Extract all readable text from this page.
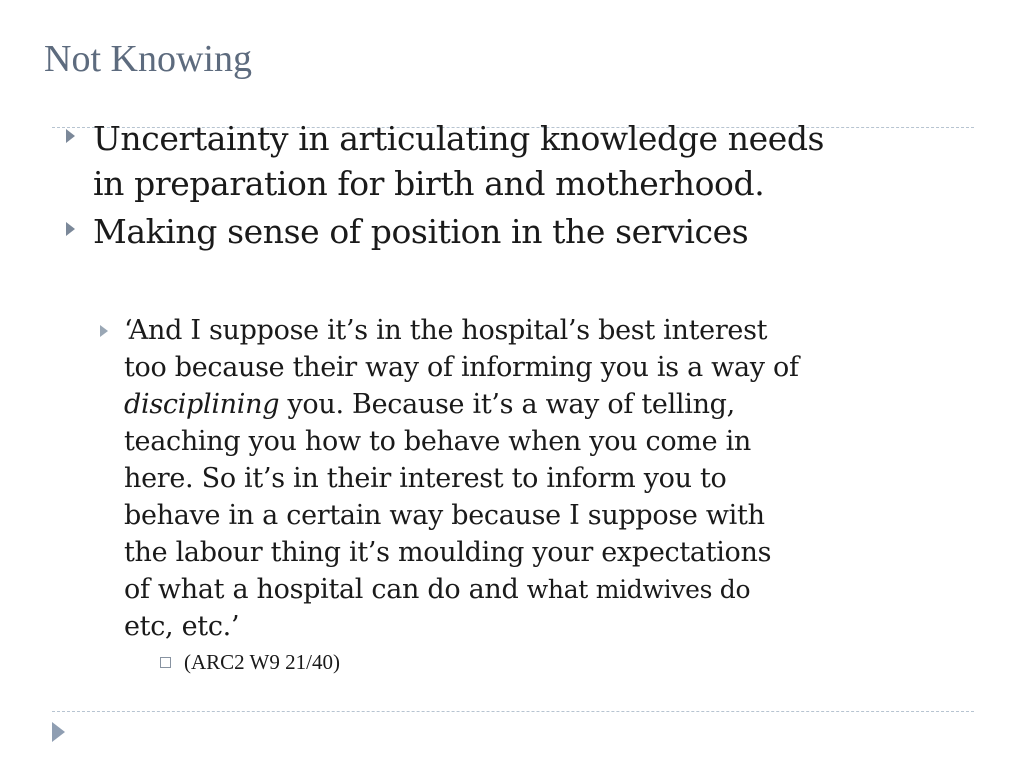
Not Knowing
Uncertainty in articulating knowledge needs
in preparation for birth and motherhood.
Making sense of position in the services
‘And I suppose it’s in the hospital’s best interest
too because their way of informing you is a way of
disciplining you. Because it’s a way of telling,
teaching you how to behave when you come in
here. So it’s in their interest to inform you to
behave in a certain way because I suppose with
the labour thing it’s moulding your expectations
of what a hospital can do and what midwives do
etc, etc.’
(ARC2 W9 21/40)
